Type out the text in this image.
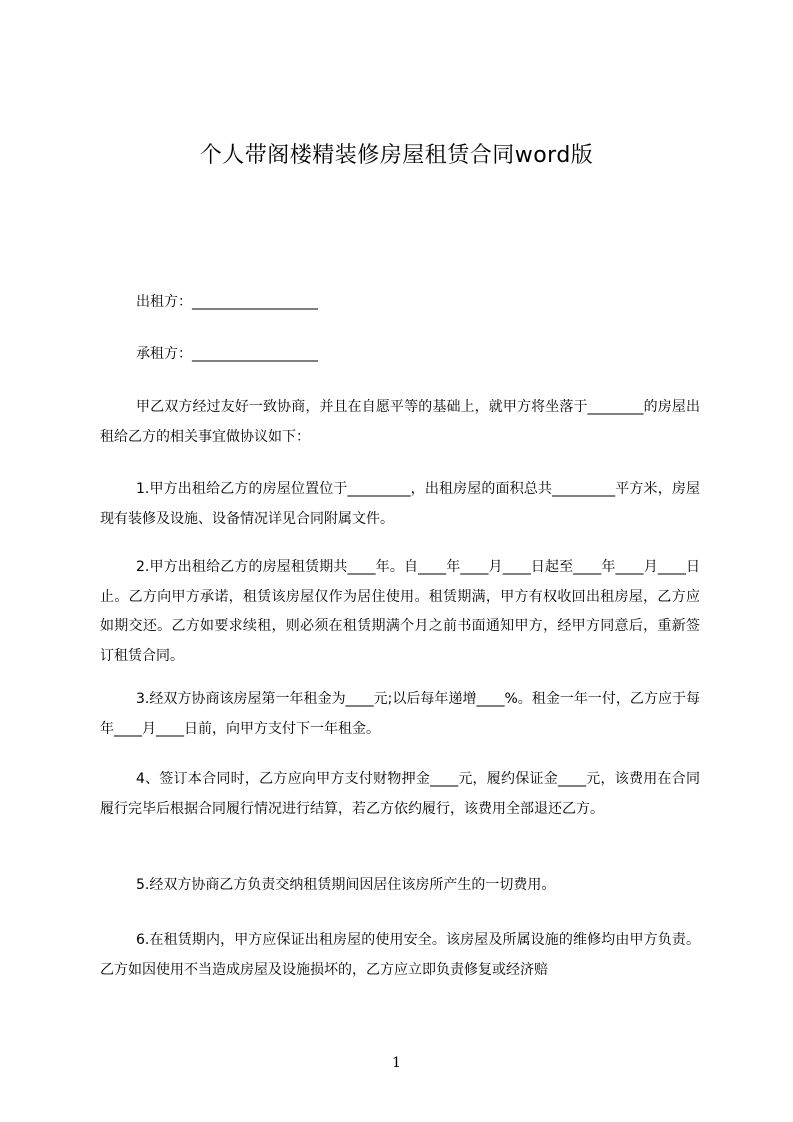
个人带阁楼精装修房屋租赁合同word版
出租方：__________________
承租方：__________________

甲乙双方经过友好一致协商，并且在自愿平等的基础上，就甲方将坐落于________的房屋出租给乙方的相关事宜做协议如下：

1.甲方出租给乙方的房屋位置位于_________，出租房屋的面积总共_________平方米，房屋现有装修及设施、设备情况详见合同附属文件。

2.甲方出租给乙方的房屋租赁期共____年。自____年____月____日起至____年____月____日止。乙方向甲方承诺，租赁该房屋仅作为居住使用。租赁期满，甲方有权收回出租房屋，乙方应如期交还。乙方如要求续租，则必须在租赁期满个月之前书面通知甲方，经甲方同意后，重新签订租赁合同。

3.经双方协商该房屋第一年租金为____元;以后每年递增____%。租金一年一付，乙方应于每年____月____日前，向甲方支付下一年租金。

4、签订本合同时，乙方应向甲方支付财物押金____元，履约保证金____元，该费用在合同履行完毕后根据合同履行情况进行结算，若乙方依约履行，该费用全部退还乙方。

5.经双方协商乙方负责交纳租赁期间因居住该房所产生的一切费用。

6.在租赁期内，甲方应保证出租房屋的使用安全。该房屋及所属设施的维修均由甲方负责。乙方如因使用不当造成房屋及设施损坏的，乙方应立即负责修复或经济赔

1
